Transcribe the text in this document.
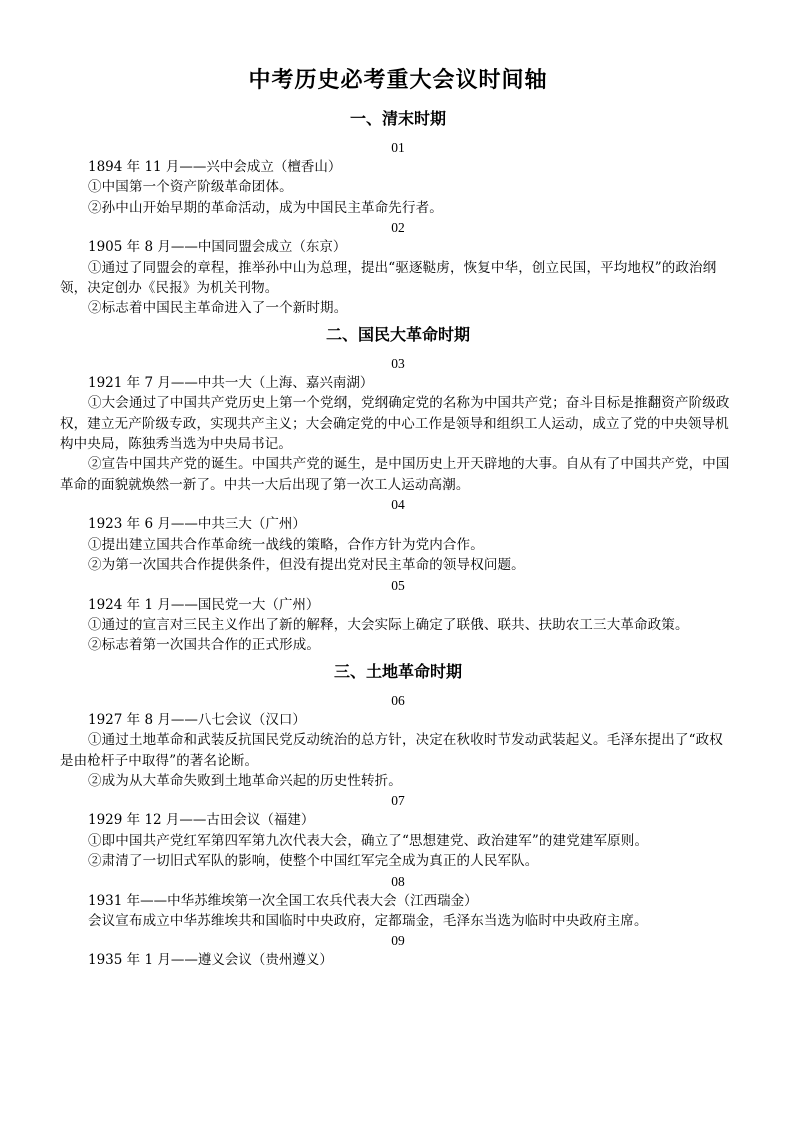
中考历史必考重大会议时间轴
一、清末时期
01
1894 年 11 月——兴中会成立（檀香山）
①中国第一个资产阶级革命团体。
②孙中山开始早期的革命活动，成为中国民主革命先行者。
02
1905 年 8 月——中国同盟会成立（东京）
①通过了同盟会的章程，推举孙中山为总理，提出“驱逐鞑虏，恢复中华，创立民国，平均地权”的政治纲领，决定创办《民报》为机关刊物。
②标志着中国民主革命进入了一个新时期。
二、国民大革命时期
03
1921 年 7 月——中共一大（上海、嘉兴南湖）
①大会通过了中国共产党历史上第一个党纲，党纲确定党的名称为中国共产党；奋斗目标是推翻资产阶级政权，建立无产阶级专政，实现共产主义；大会确定党的中心工作是领导和组织工人运动，成立了党的中央领导机构中央局，陈独秀当选为中央局书记。
②宣告中国共产党的诞生。中国共产党的诞生，是中国历史上开天辟地的大事。自从有了中国共产党，中国革命的面貌就焕然一新了。中共一大后出现了第一次工人运动高潮。
04
1923 年 6 月——中共三大（广州）
①提出建立国共合作革命统一战线的策略，合作方针为党内合作。
②为第一次国共合作提供条件，但没有提出党对民主革命的领导权问题。
05
1924 年 1 月——国民党一大（广州）
①通过的宣言对三民主义作出了新的解释，大会实际上确定了联俄、联共、扶助农工三大革命政策。
②标志着第一次国共合作的正式形成。
三、土地革命时期
06
1927 年 8 月——八七会议（汉口）
①通过土地革命和武装反抗国民党反动统治的总方针，决定在秋收时节发动武装起义。毛泽东提出了“政权是由枪杆子中取得”的著名论断。
②成为从大革命失败到土地革命兴起的历史性转折。
07
1929 年 12 月——古田会议（福建）
①即中国共产党红军第四军第九次代表大会，确立了“思想建党、政治建军”的建党建军原则。
②肃清了一切旧式军队的影响，使整个中国红军完全成为真正的人民军队。
08
1931 年——中华苏维埃第一次全国工农兵代表大会（江西瑞金）
会议宣布成立中华苏维埃共和国临时中央政府，定都瑞金，毛泽东当选为临时中央政府主席。
09
1935 年 1 月——遵义会议（贵州遵义）
